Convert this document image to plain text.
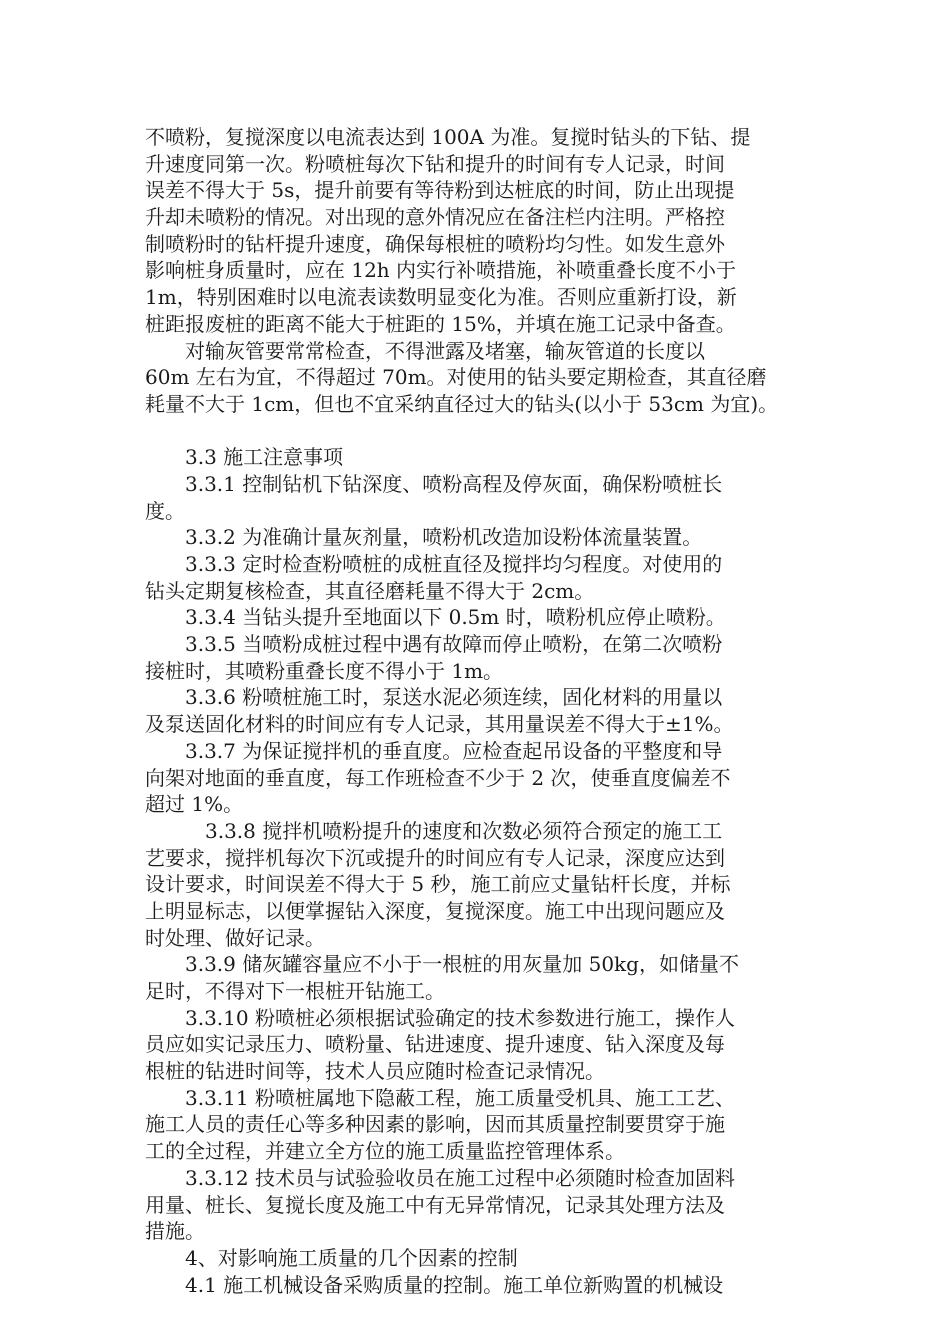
不喷粉，复搅深度以电流表达到 100A 为准。复搅时钻头的下钻、提
升速度同第一次。粉喷桩每次下钻和提升的时间有专人记录，时间
误差不得大于 5s，提升前要有等待粉到达桩底的时间，防止出现提
升却未喷粉的情况。对出现的意外情况应在备注栏内注明。严格控
制喷粉时的钻杆提升速度，确保每根桩的喷粉均匀性。如发生意外
影响桩身质量时，应在 12h 内实行补喷措施，补喷重叠长度不小于
1m，特别困难时以电流表读数明显变化为准。否则应重新打设，新
桩距报废桩的距离不能大于桩距的 15%，并填在施工记录中备查。
　　对输灰管要常常检查，不得泄露及堵塞，输灰管道的长度以
60m 左右为宜，不得超过 70m。对使用的钻头要定期检查，其直径磨
耗量不大于 1cm，但也不宜采纳直径过大的钻头(以小于 53cm 为宜)。
　　3.3 施工注意事项
　　3.3.1 控制钻机下钻深度、喷粉高程及停灰面，确保粉喷桩长
度。
　　3.3.2 为准确计量灰剂量，喷粉机改造加设粉体流量装置。
　　3.3.3 定时检查粉喷桩的成桩直径及搅拌均匀程度。对使用的
钻头定期复核检查，其直径磨耗量不得大于 2cm。
　　3.3.4 当钻头提升至地面以下 0.5m 时，喷粉机应停止喷粉。
　　3.3.5 当喷粉成桩过程中遇有故障而停止喷粉，在第二次喷粉
接桩时，其喷粉重叠长度不得小于 1m。
　　3.3.6 粉喷桩施工时，泵送水泥必须连续，固化材料的用量以
及泵送固化材料的时间应有专人记录，其用量误差不得大于±1%。
　　3.3.7 为保证搅拌机的垂直度。应检查起吊设备的平整度和导
向架对地面的垂直度，每工作班检查不少于 2 次，使垂直度偏差不
超过 1%。
　　　3.3.8 搅拌机喷粉提升的速度和次数必须符合预定的施工工
艺要求，搅拌机每次下沉或提升的时间应有专人记录，深度应达到
设计要求，时间误差不得大于 5 秒，施工前应丈量钻杆长度，并标
上明显标志，以便掌握钻入深度，复搅深度。施工中出现问题应及
时处理、做好记录。
　　3.3.9 储灰罐容量应不小于一根桩的用灰量加 50kg，如储量不
足时，不得对下一根桩开钻施工。
　　3.3.10 粉喷桩必须根据试验确定的技术参数进行施工，操作人
员应如实记录压力、喷粉量、钻进速度、提升速度、钻入深度及每
根桩的钻进时间等，技术人员应随时检查记录情况。
　　3.3.11 粉喷桩属地下隐蔽工程，施工质量受机具、施工工艺、
施工人员的责任心等多种因素的影响，因而其质量控制要贯穿于施
工的全过程，并建立全方位的施工质量监控管理体系。
　　3.3.12 技术员与试验验收员在施工过程中必须随时检查加固料
用量、桩长、复搅长度及施工中有无异常情况，记录其处理方法及
措施。
　　4、对影响施工质量的几个因素的控制
　　4.1 施工机械设备采购质量的控制。施工单位新购置的机械设
